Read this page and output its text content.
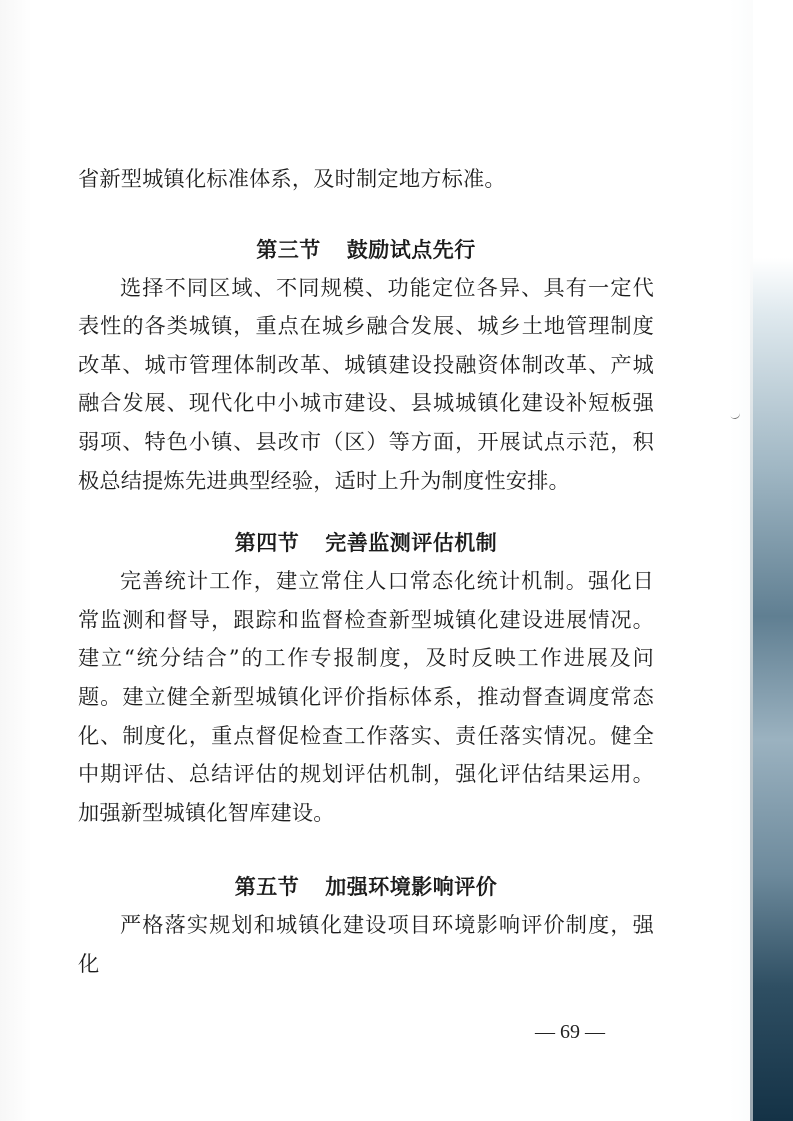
省新型城镇化标准体系，及时制定地方标准。

第三节 鼓励试点先行

选择不同区域、不同规模、功能定位各异、具有一定代表性的各类城镇，重点在城乡融合发展、城乡土地管理制度改革、城市管理体制改革、城镇建设投融资体制改革、产城融合发展、现代化中小城市建设、县城城镇化建设补短板强弱项、特色小镇、县改市（区）等方面，开展试点示范，积极总结提炼先进典型经验，适时上升为制度性安排。

第四节 完善监测评估机制

完善统计工作，建立常住人口常态化统计机制。强化日常监测和督导，跟踪和监督检查新型城镇化建设进展情况。建立“统分结合”的工作专报制度，及时反映工作进展及问题。建立健全新型城镇化评价指标体系，推动督查调度常态化、制度化，重点督促检查工作落实、责任落实情况。健全中期评估、总结评估的规划评估机制，强化评估结果运用。加强新型城镇化智库建设。

第五节 加强环境影响评价

严格落实规划和城镇化建设项目环境影响评价制度，强化

— 69 —
